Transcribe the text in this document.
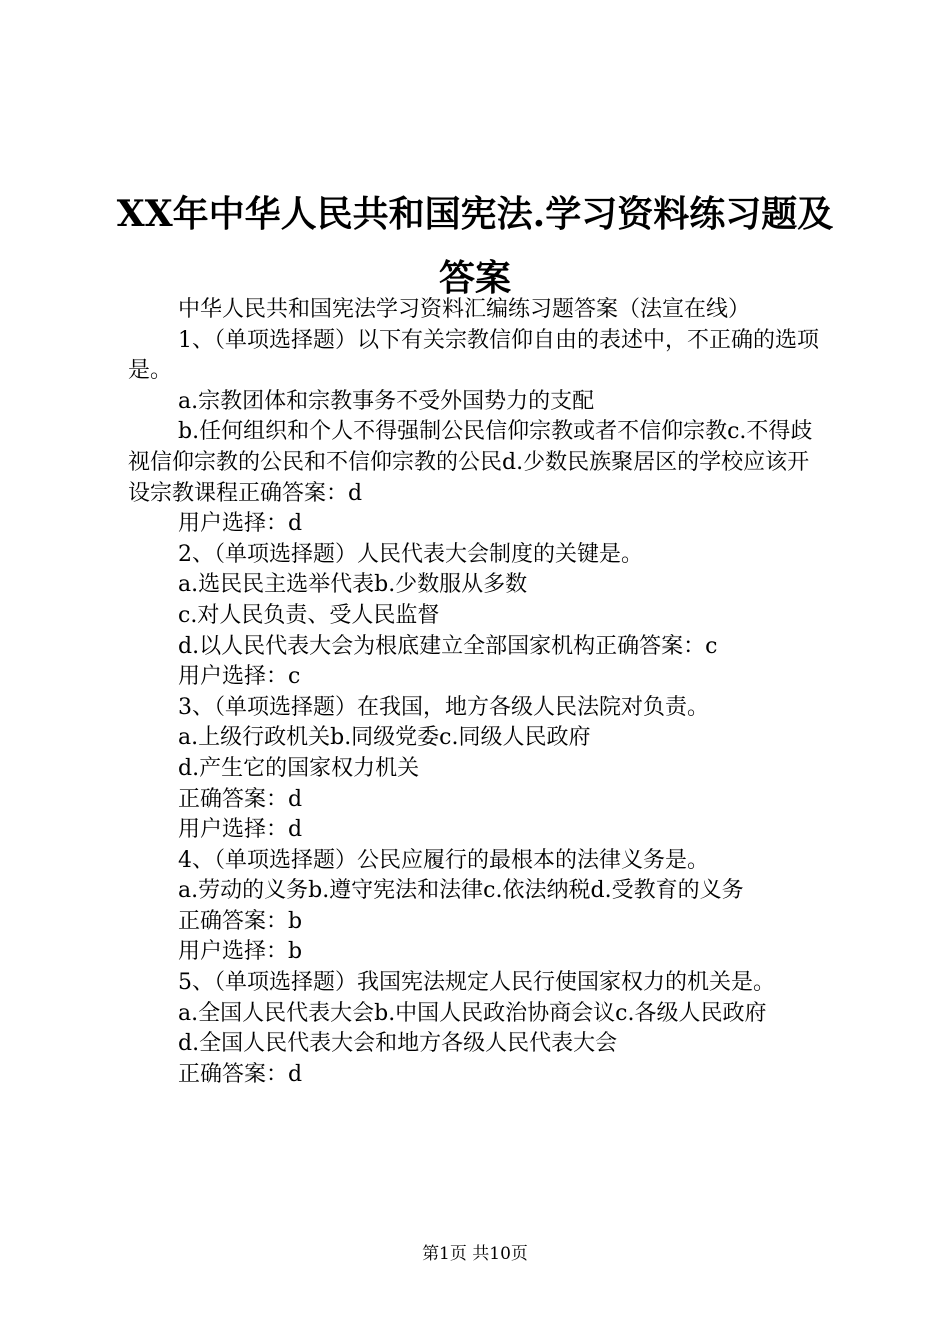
XX年中华人民共和国宪法.学习资料练习题及答案

中华人民共和国宪法学习资料汇编练习题答案（法宣在线）

1、（单项选择题）以下有关宗教信仰自由的表述中，不正确的选项是。

a.宗教团体和宗教事务不受外国势力的支配

b.任何组织和个人不得强制公民信仰宗教或者不信仰宗教c.不得歧视信仰宗教的公民和不信仰宗教的公民d.少数民族聚居区的学校应该开设宗教课程正确答案：d

用户选择：d

2、（单项选择题）人民代表大会制度的关键是。

a.选民民主选举代表b.少数服从多数

c.对人民负责、受人民监督

d.以人民代表大会为根底建立全部国家机构正确答案：c

用户选择：c

3、（单项选择题）在我国，地方各级人民法院对负责。

a.上级行政机关b.同级党委c.同级人民政府

d.产生它的国家权力机关

正确答案：d

用户选择：d

4、（单项选择题）公民应履行的最根本的法律义务是。

a.劳动的义务b.遵守宪法和法律c.依法纳税d.受教育的义务

正确答案：b

用户选择：b

5、（单项选择题）我国宪法规定人民行使国家权力的机关是。

a.全国人民代表大会b.中国人民政治协商会议c.各级人民政府

d.全国人民代表大会和地方各级人民代表大会

正确答案：d

第1页 共10页
